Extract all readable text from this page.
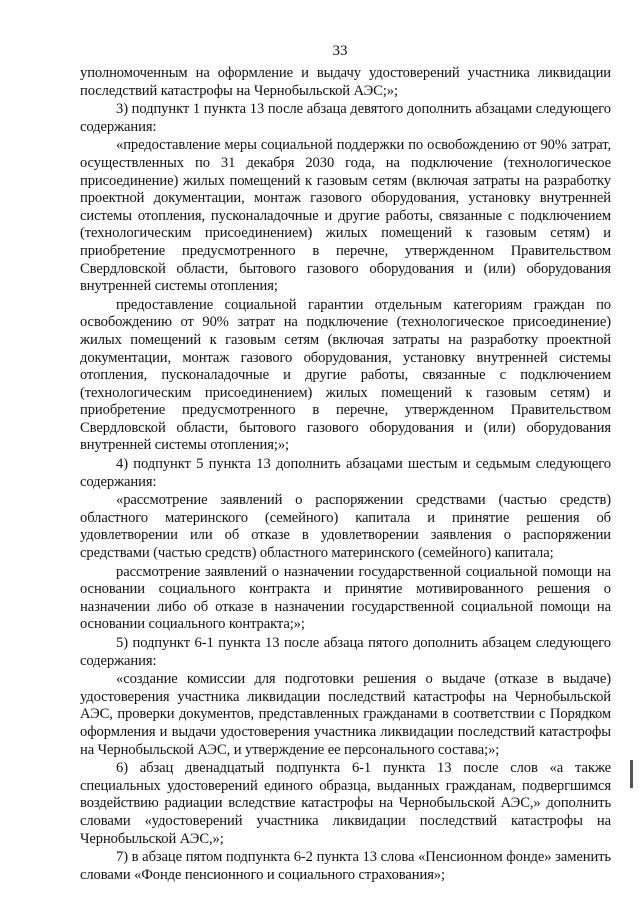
33

уполномоченным на оформление и выдачу удостоверений участника ликвидации последствий катастрофы на Чернобыльской АЭС;»;

3) подпункт 1 пункта 13 после абзаца девятого дополнить абзацами следующего содержания:

«предоставление меры социальной поддержки по освобождению от 90% затрат, осуществленных по 31 декабря 2030 года, на подключение (технологическое присоединение) жилых помещений к газовым сетям (включая затраты на разработку проектной документации, монтаж газового оборудования, установку внутренней системы отопления, пусконаладочные и другие работы, связанные с подключением (технологическим присоединением) жилых помещений к газовым сетям) и приобретение предусмотренного в перечне, утвержденном Правительством Свердловской области, бытового газового оборудования и (или) оборудования внутренней системы отопления;

предоставление социальной гарантии отдельным категориям граждан по освобождению от 90% затрат на подключение (технологическое присоединение) жилых помещений к газовым сетям (включая затраты на разработку проектной документации, монтаж газового оборудования, установку внутренней системы отопления, пусконаладочные и другие работы, связанные с подключением (технологическим присоединением) жилых помещений к газовым сетям) и приобретение предусмотренного в перечне, утвержденном Правительством Свердловской области, бытового газового оборудования и (или) оборудования внутренней системы отопления;»;

4) подпункт 5 пункта 13 дополнить абзацами шестым и седьмым следующего содержания:

«рассмотрение заявлений о распоряжении средствами (частью средств) областного материнского (семейного) капитала и принятие решения об удовлетворении или об отказе в удовлетворении заявления о распоряжении средствами (частью средств) областного материнского (семейного) капитала;

рассмотрение заявлений о назначении государственной социальной помощи на основании социального контракта и принятие мотивированного решения о назначении либо об отказе в назначении государственной социальной помощи на основании социального контракта;»;

5) подпункт 6-1 пункта 13 после абзаца пятого дополнить абзацем следующего содержания:

«создание комиссии для подготовки решения о выдаче (отказе в выдаче) удостоверения участника ликвидации последствий катастрофы на Чернобыльской АЭС, проверки документов, представленных гражданами в соответствии с Порядком оформления и выдачи удостоверения участника ликвидации последствий катастрофы на Чернобыльской АЭС, и утверждение ее персонального состава;»;

6) абзац двенадцатый подпункта 6-1 пункта 13 после слов «а также специальных удостоверений единого образца, выданных гражданам, подвергшимся воздействию радиации вследствие катастрофы на Чернобыльской АЭС,» дополнить словами «удостоверений участника ликвидации последствий катастрофы на Чернобыльской АЭС,»;

7) в абзаце пятом подпункта 6-2 пункта 13 слова «Пенсионном фонде» заменить словами «Фонде пенсионного и социального страхования»;
